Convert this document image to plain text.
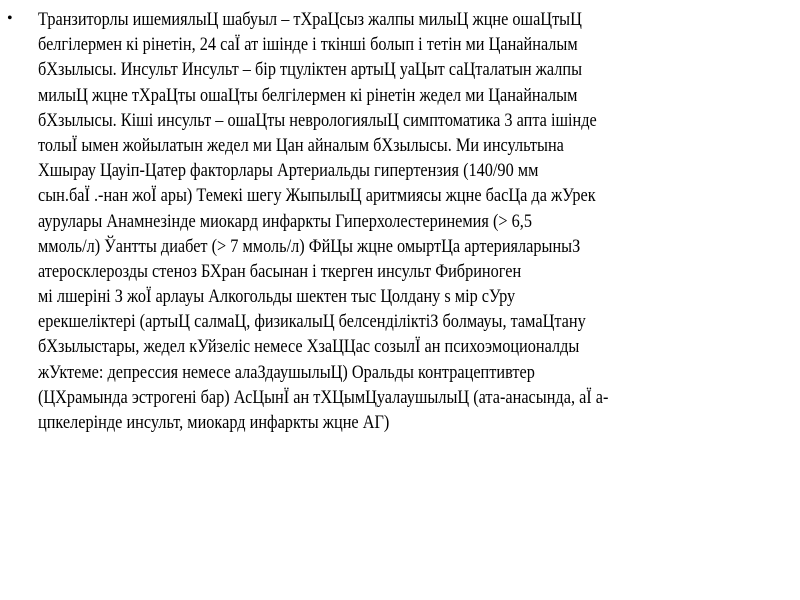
• Транзиторлы ишемиялыЦ шабуыл – тХраЦсыз жалпы милыЦ жцне ошаЦтыЦ
белгілермен кі рінетін, 24 саЇ ат ішінде і ткінші болып і тетін ми Цанайналым
бХзылысы. Инсульт Инсульт – бір тцуліктен артыЦ уаЦыт саЦталатын жалпы
милыЦ жцне тХраЦты ошаЦты белгілермен кі рінетін жедел ми Цанайналым
бХзылысы. Кіші инсульт – ошаЦты неврологиялыЦ симптоматика 3 апта ішінде
толыЇ ымен жойылатын жедел ми Цан айналым бХзылысы. Ми инсультына
Хшырау Цауіп-Цатер факторлары Артериальды гипертензия (140/90 мм
сын.баЇ .-нан жоЇ ары) Темекі шегу ЖыпылыЦ аритмиясы жцне басЦа да жУрек
аурулары Анамнезінде миокард инфаркты Гиперхолестеринемия (> 6,5
ммоль/л) Ўантты диабет (> 7 ммоль/л) ФйЦы жцне омыртЦа артерияларыныЗ
атеросклерозды стеноз БХран басынан і ткерген инсульт Фибриноген
мі лшеріні З жоЇ арлауы Алкогольды шектен тыс Цолдану s мір сУру
ерекшеліктері (артыЦ салмаЦ, физикалыЦ белсенділіктіЗ болмауы, тамаЦтану
бХзылыстары, жедел кУйзеліс немесе ХзаЦЦас созылЇ ан психоэмоционалды
жУктеме: депрессия немесе алаЗдаушылыЦ) Оральды контрацептивтер
(ЦХрамында эстрогені бар) АсЦынЇ ан тХЦымЦуалаушылыЦ (ата-анасында, аЇ а-
цпкелерінде инсульт, миокард инфаркты жцне АГ)
